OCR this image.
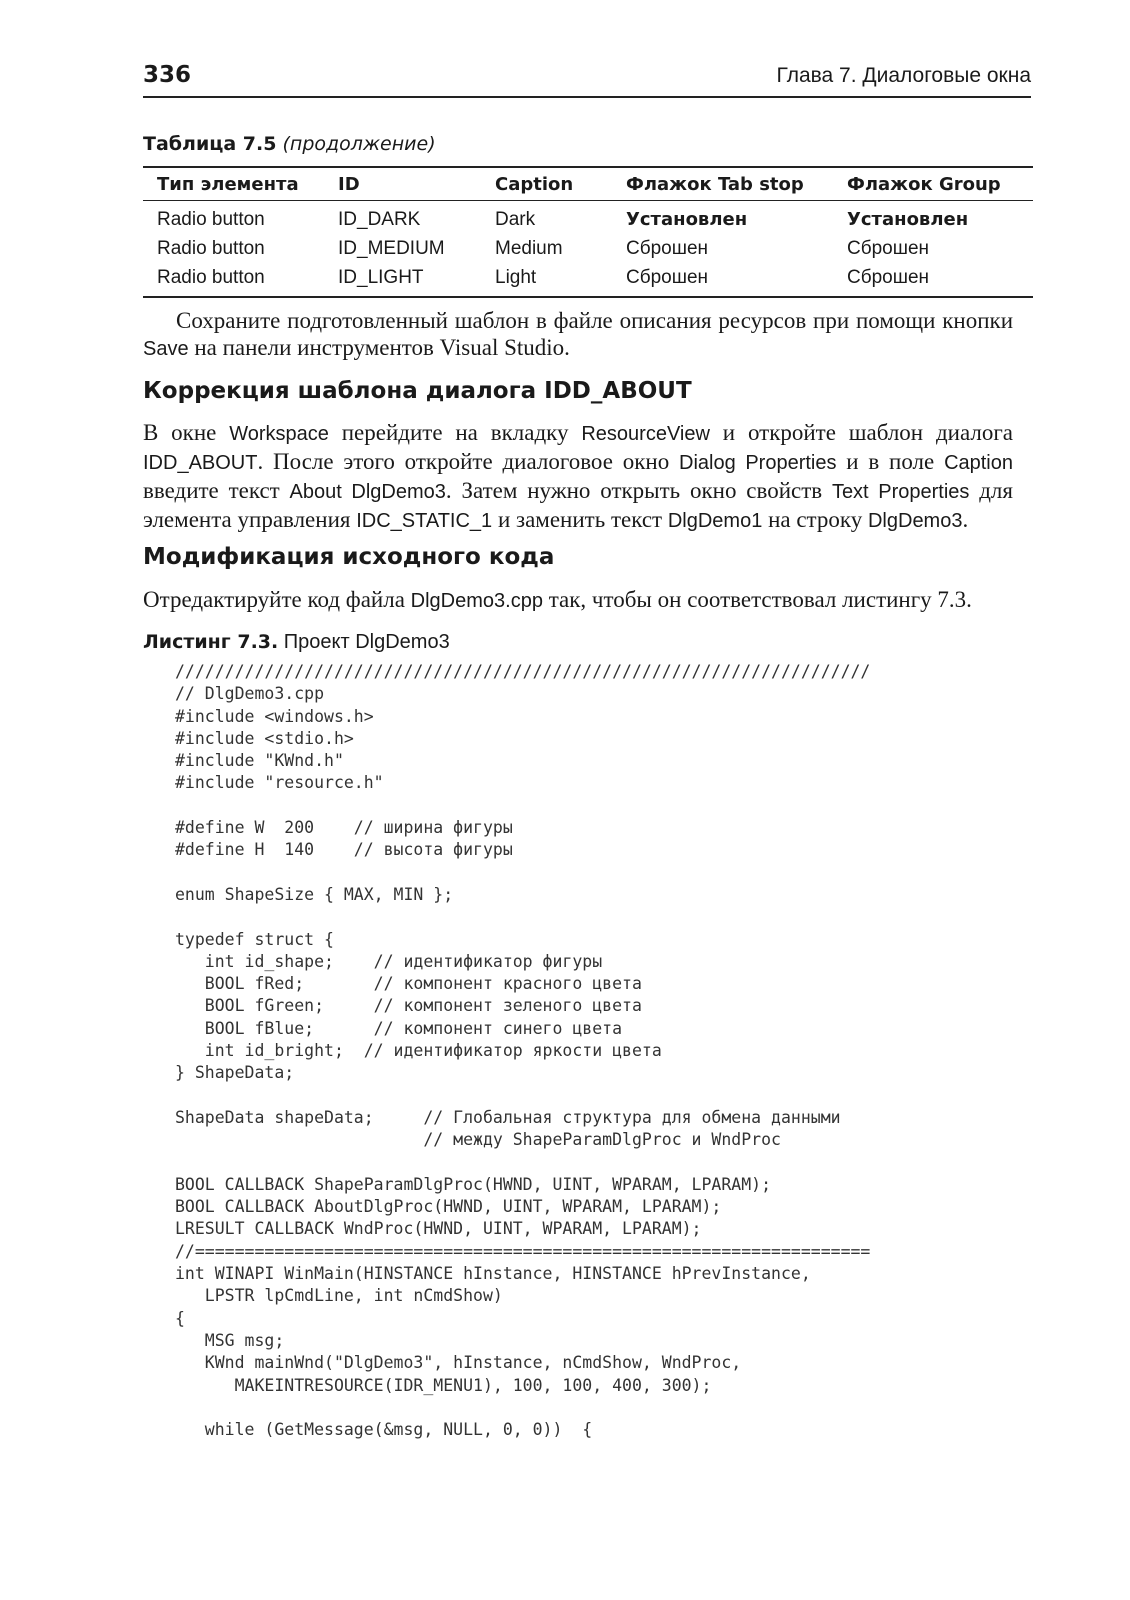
336	Глава 7. Диалоговые окна
Таблица 7.5 (продолжение)
Тип элемента	ID	Caption	Флажок Tab stop	Флажок Group
Radio button	ID_DARK	Dark	Установлен	Установлен
Radio button	ID_MEDIUM	Medium	Сброшен	Сброшен
Radio button	ID_LIGHT	Light	Сброшен	Сброшен

Сохраните подготовленный шаблон в файле описания ресурсов при помощи кнопки Save на панели инструментов Visual Studio.

Коррекция шаблона диалога IDD_ABOUT

В окне Workspace перейдите на вкладку ResourceView и откройте шаблон диалога IDD_ABOUT. После этого откройте диалоговое окно Dialog Properties и в поле Caption введите текст About DlgDemo3. Затем нужно открыть окно свойств Text Properties для элемента управления IDC_STATIC_1 и заменить текст DlgDemo1 на строку DlgDemo3.

Модификация исходного кода

Отредактируйте код файла DlgDemo3.cpp так, чтобы он соответствовал листингу 7.3.

Листинг 7.3. Проект DlgDemo3
//////////////////////////////////////////////////////////////////////
// DlgDemo3.cpp
#include <windows.h>
#include <stdio.h>
#include "KWnd.h"
#include "resource.h"
#define W  200    // ширина фигуры
#define H  140    // высота фигуры
enum ShapeSize { MAX, MIN };
typedef struct {
int id_shape;    // идентификатор фигуры
BOOL fRed;       // компонент красного цвета
BOOL fGreen;     // компонент зеленого цвета
BOOL fBlue;      // компонент синего цвета
int id_bright;  // идентификатор яркости цвета
} ShapeData;
ShapeData shapeData;     // Глобальная структура для обмена данными
// между ShapeParamDlgProc и WndProc
BOOL CALLBACK ShapeParamDlgProc(HWND, UINT, WPARAM, LPARAM);
BOOL CALLBACK AboutDlgProc(HWND, UINT, WPARAM, LPARAM);
LRESULT CALLBACK WndProc(HWND, UINT, WPARAM, LPARAM);
//====================================================================
int WINAPI WinMain(HINSTANCE hInstance, HINSTANCE hPrevInstance,
LPSTR lpCmdLine, int nCmdShow)
{
MSG msg;
KWnd mainWnd("DlgDemo3", hInstance, nCmdShow, WndProc,
MAKEINTRESOURCE(IDR_MENU1), 100, 100, 400, 300);
while (GetMessage(&msg, NULL, 0, 0))  {
